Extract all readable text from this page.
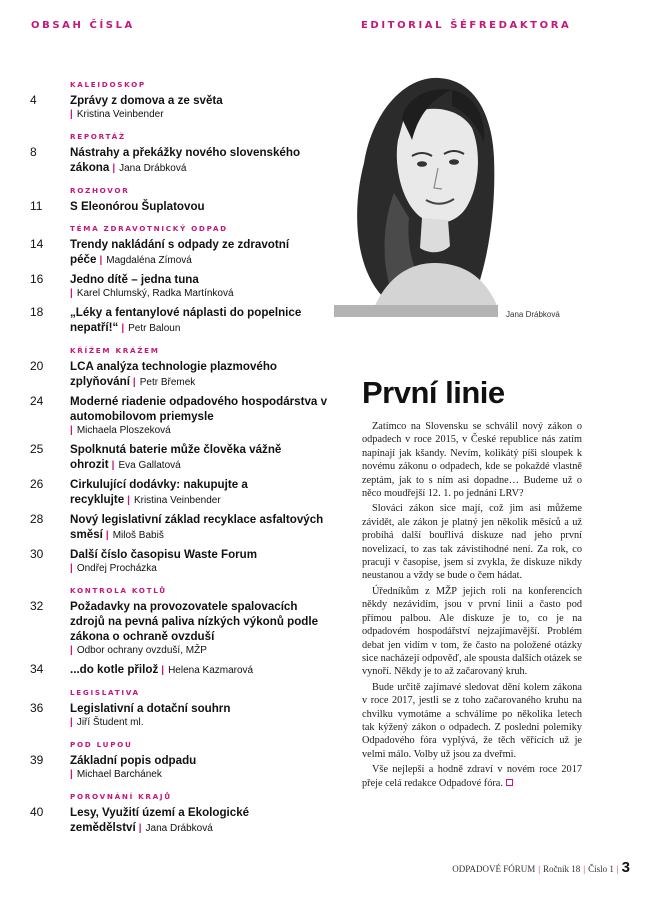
OBSAH ČÍSLA	EDITORIAL ŠÉFREDAKTORA
KALEIDOSKOP
4	Zprávy z domova a ze světa
| Kristina Veinbender
REPORTÁŽ
8	Nástrahy a překážky nového slovenského zákona | Jana Drábková
ROZHOVOR
11	S Eleonórou Šuplatovou
TÉMA ZDRAVOTNICKÝ ODPAD
14	Trendy nakládání s odpady ze zdravotní péče | Magdaléna Zímová
16	Jedno dítě – jedna tuna
| Karel Chlumský, Radka Martínková
18	„Léky a fentanylové náplasti do popelnice nepatří!“ | Petr Baloun
KŘÍŽEM KRÁŽEM
20	LCA analýza technologie plazmového zplyňování | Petr Břemek
24	Moderné riadenie odpadového hospodárstva v automobilovom priemysle
| Michaela Ploszeková
25	Spolknutá baterie může člověka vážně ohrozit | Eva Gallatová
26	Cirkulující dodávky: nakupujte a recyklujte | Kristina Veinbender
28	Nový legislativní základ recyklace asfaltových směsí | Miloš Babiš
30	Další číslo časopisu Waste Forum
| Ondřej Procházka
KONTROLA KOTLŮ
32	Požadavky na provozovatele spalovacích zdrojů na pevná paliva nízkých výkonů podle zákona o ochraně ovzduší
| Odbor ochrany ovzduší, MŽP
34	...do kotle přilož | Helena Kazmarová
LEGISLATIVA
36	Legislativní a dotační souhrn
| Jiří Študent ml.
POD LUPOU
39	Základní popis odpadu
| Michael Barchánek
POROVNÁNÍ KRAJŮ
40	Lesy, Využití území a Ekologické zemědělství | Jana Drábková
Jana Drábková
První linie

Zatímco na Slovensku se schválil nový zákon o odpadech v roce 2015, v České republice nás zatím napínají jak kšandy. Nevím, kolikátý píši sloupek k novému zákonu o odpadech, kde se pokaždé vlastně zeptám, jak to s ním asi dopadne… Budeme už o něco moudřejší 12. 1. po jednání LRV?

Slováci zákon sice mají, což jim asi můžeme závidět, ale zákon je platný jen několik měsíců a už probíhá další bouřlivá diskuze nad jeho první novelizací, to zas tak závistihodné není. Za rok, co pracuji v časopise, jsem si zvykla, že diskuze nikdy neustanou a vždy se bude o čem hádat.

Úředníkům z MŽP jejich roli na konferencích někdy nezávidím, jsou v první linii a často pod přímou palbou. Ale diskuze je to, co je na odpadovém hospodářství nejzajímavější. Problém debat jen vidím v tom, že často na položené otázky sice nacházejí odpověď, ale spousta dalších otázek se vynoří. Někdy je to až začarovaný kruh.

Bude určitě zajímavé sledovat dění kolem zákona v roce 2017, jestli se z toho začarovaného kruhu na chvilku vymotáme a schválíme po několika letech tak kýžený zákon o odpadech. Z poslední polemiky Odpadového fóra vyplývá, že těch věřících už je velmi málo. Volby už jsou za dveřmi.

Vše nejlepší a hodně zdraví v novém roce 2017 přeje celá redakce Odpadové fóra.

ODPADOVÉ FÓRUM | Ročník 18 | Číslo 1 | 3
